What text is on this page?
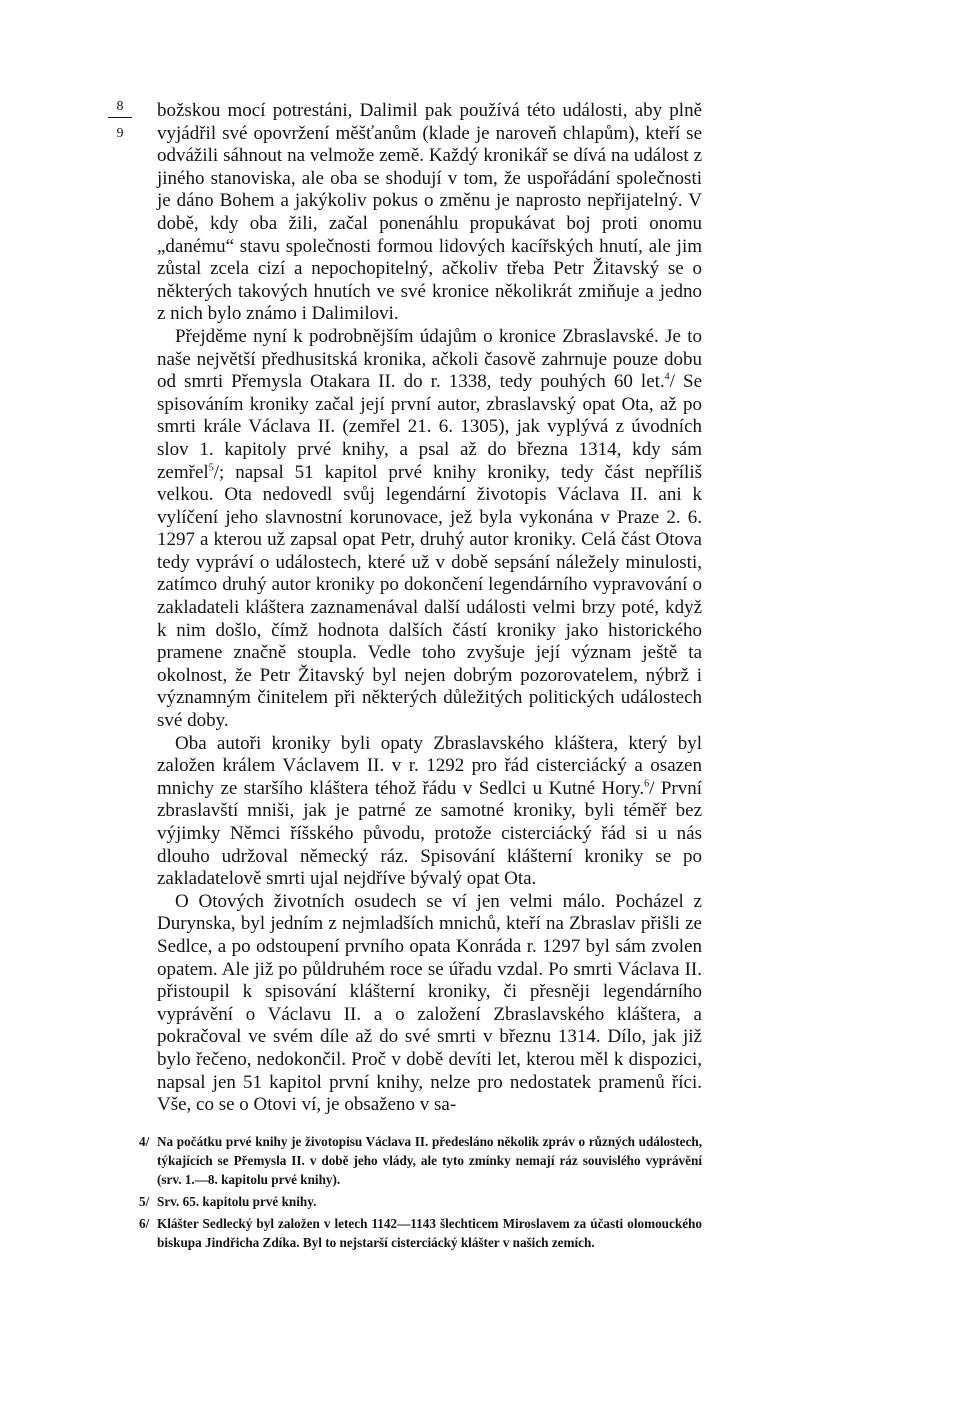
8
9

božskou mocí potrestáni, Dalimil pak používá této události, aby plně vyjádřil své opovržení měšťanům (klade je naroveň chlapům), kteří se odvážili sáhnout na velmože země. Každý kronikář se dívá na událost z jiného stanoviska, ale oba se shodují v tom, že uspořádání společnosti je dáno Bohem a jakýkoliv pokus o změnu je naprosto nepřijatelný. V době, kdy oba žili, začal ponenáhlu propukávat boj proti onomu „danému“ stavu společnosti formou lidových kacířských hnutí, ale jim zůstal zcela cizí a nepochopitelný, ačkoliv třeba Petr Žitavský se o některých takových hnutích ve své kronice několikrát zmiňuje a jedno z nich bylo známo i Dalimilovi.

Přejděme nyní k podrobnějším údajům o kronice Zbraslavské. Je to naše největší předhusitská kronika, ačkoli časově zahrnuje pouze dobu od smrti Přemysla Otakara II. do r. 1338, tedy pouhých 60 let.$^4$/ Se spisováním kroniky začal její první autor, zbraslavský opat Ota, až po smrti krále Václava II. (zemřel 21. 6. 1305), jak vyplývá z úvodních slov 1. kapitoly prvé knihy, a psal až do března 1314, kdy sám zemřel$^5$/; napsal 51 kapitol prvé knihy kroniky, tedy část nepříliš velkou. Ota nedovedl svůj legendární životopis Václava II. ani k vylíčení jeho slavnostní korunovace, jež byla vykonána v Praze 2. 6. 1297 a kterou už zapsal opat Petr, druhý autor kroniky. Celá část Otova tedy vypráví o událostech, které už v době sepsání náležely minulosti, zatímco druhý autor kroniky po dokončení legendárního vypravování o zakladateli kláštera zaznamenával další události velmi brzy poté, když k nim došlo, čímž hodnota dalších částí kroniky jako historického pramene značně stoupla. Vedle toho zvyšuje její význam ještě ta okolnost, že Petr Žitavský byl nejen dobrým pozorovatelem, nýbrž i významným činitelem při některých důležitých politických událostech své doby.

Oba autoři kroniky byli opaty Zbraslavského kláštera, který byl založen králem Václavem II. v r. 1292 pro řád cisterciácký a osazen mnichy ze staršího kláštera téhož řádu v Sedlci u Kutné Hory.$^6$/ První zbraslavští mniši, jak je patrné ze samotné kroniky, byli téměř bez výjimky Němci říšského původu, protože cisterciácký řád si u nás dlouho udržoval německý ráz. Spisování klášterní kroniky se po zakladatelově smrti ujal nejdříve bývalý opat Ota.

O Otových životních osudech se ví jen velmi málo. Pocházel z Durynska, byl jedním z nejmladších mnichů, kteří na Zbraslav přišli ze Sedlce, a po odstoupení prvního opata Konráda r. 1297 byl sám zvolen opatem. Ale již po půldruhém roce se úřadu vzdal. Po smrti Václava II. přistoupil k spisování klášterní kroniky, či přesněji legendárního vyprávění o Václavu II. a o založení Zbraslavského kláštera, a pokračoval ve svém díle až do své smrti v březnu 1314. Dílo, jak již bylo řečeno, nedokončil. Proč v době devíti let, kterou měl k dispozici, napsal jen 51 kapitol první knihy, nelze pro nedostatek pramenů říci. Vše, co se o Otovi ví, je obsaženo v sa-

4/ Na počátku prvé knihy je životopisu Václava II. předesláno několik zpráv o různých událostech, týkajících se Přemysla II. v době jeho vlády, ale tyto zmínky nemají ráz souvislého vyprávění (srv. 1.—8. kapitolu prvé knihy).
5/ Srv. 65. kapitolu prvé knihy.
6/ Klášter Sedlecký byl založen v letech 1142—1143 šlechticem Miroslavem za účasti olomouckého biskupa Jindřicha Zdíka. Byl to nejstarší cisterciácký klášter v našich zemích.
